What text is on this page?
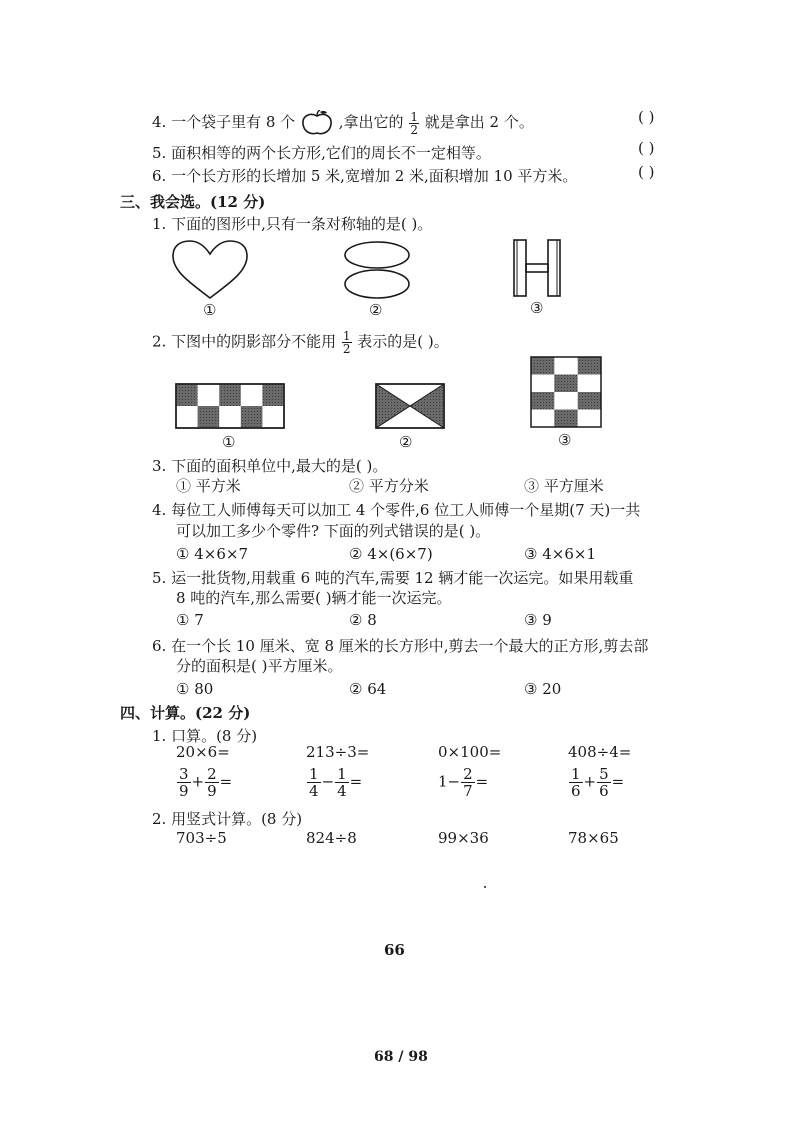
4. 一个袋子里有 8 个	,拿出它的 $\frac{1}{2}$ 就是拿出 2 个。	( )
5. 面积相等的两个长方形,它们的周长不一定相等。	( )
6. 一个长方形的长增加 5 米,宽增加 2 米,面积增加 10 平方米。	( )
三、我会选。(12 分)
1. 下面的图形中,只有一条对称轴的是( )。
①	②	③
2. 下图中的阴影部分不能用 $\frac{1}{2}$ 表示的是( )。
①	②	③
3. 下面的面积单位中,最大的是( )。
① 平方米	② 平方分米	③ 平方厘米
4. 每位工人师傅每天可以加工 4 个零件,6 位工人师傅一个星期(7 天)一共
可以加工多少个零件? 下面的列式错误的是( )。
① 4×6×7	② 4×(6×7)	③ 4×6×1
5. 运一批货物,用载重 6 吨的汽车,需要 12 辆才能一次运完。如果用载重
8 吨的汽车,那么需要( )辆才能一次运完。
① 7	② 8	③ 9
6. 在一个长 10 厘米、宽 8 厘米的长方形中,剪去一个最大的正方形,剪去部
分的面积是( )平方厘米。
① 80	② 64	③ 20
四、计算。(22 分)
1. 口算。(8 分)
20×6=	213÷3=	0×100=	408÷4=
$\frac{3}{9} + \frac{2}{9}$ =	$\frac{1}{4} - \frac{1}{4}$ =	$1- \frac{2}{7}$ =	$\frac{1}{6} + \frac{5}{6}$ =
2. 用竖式计算。(8 分)
703÷5	824÷8	99×36	78×65
66
68 / 98
